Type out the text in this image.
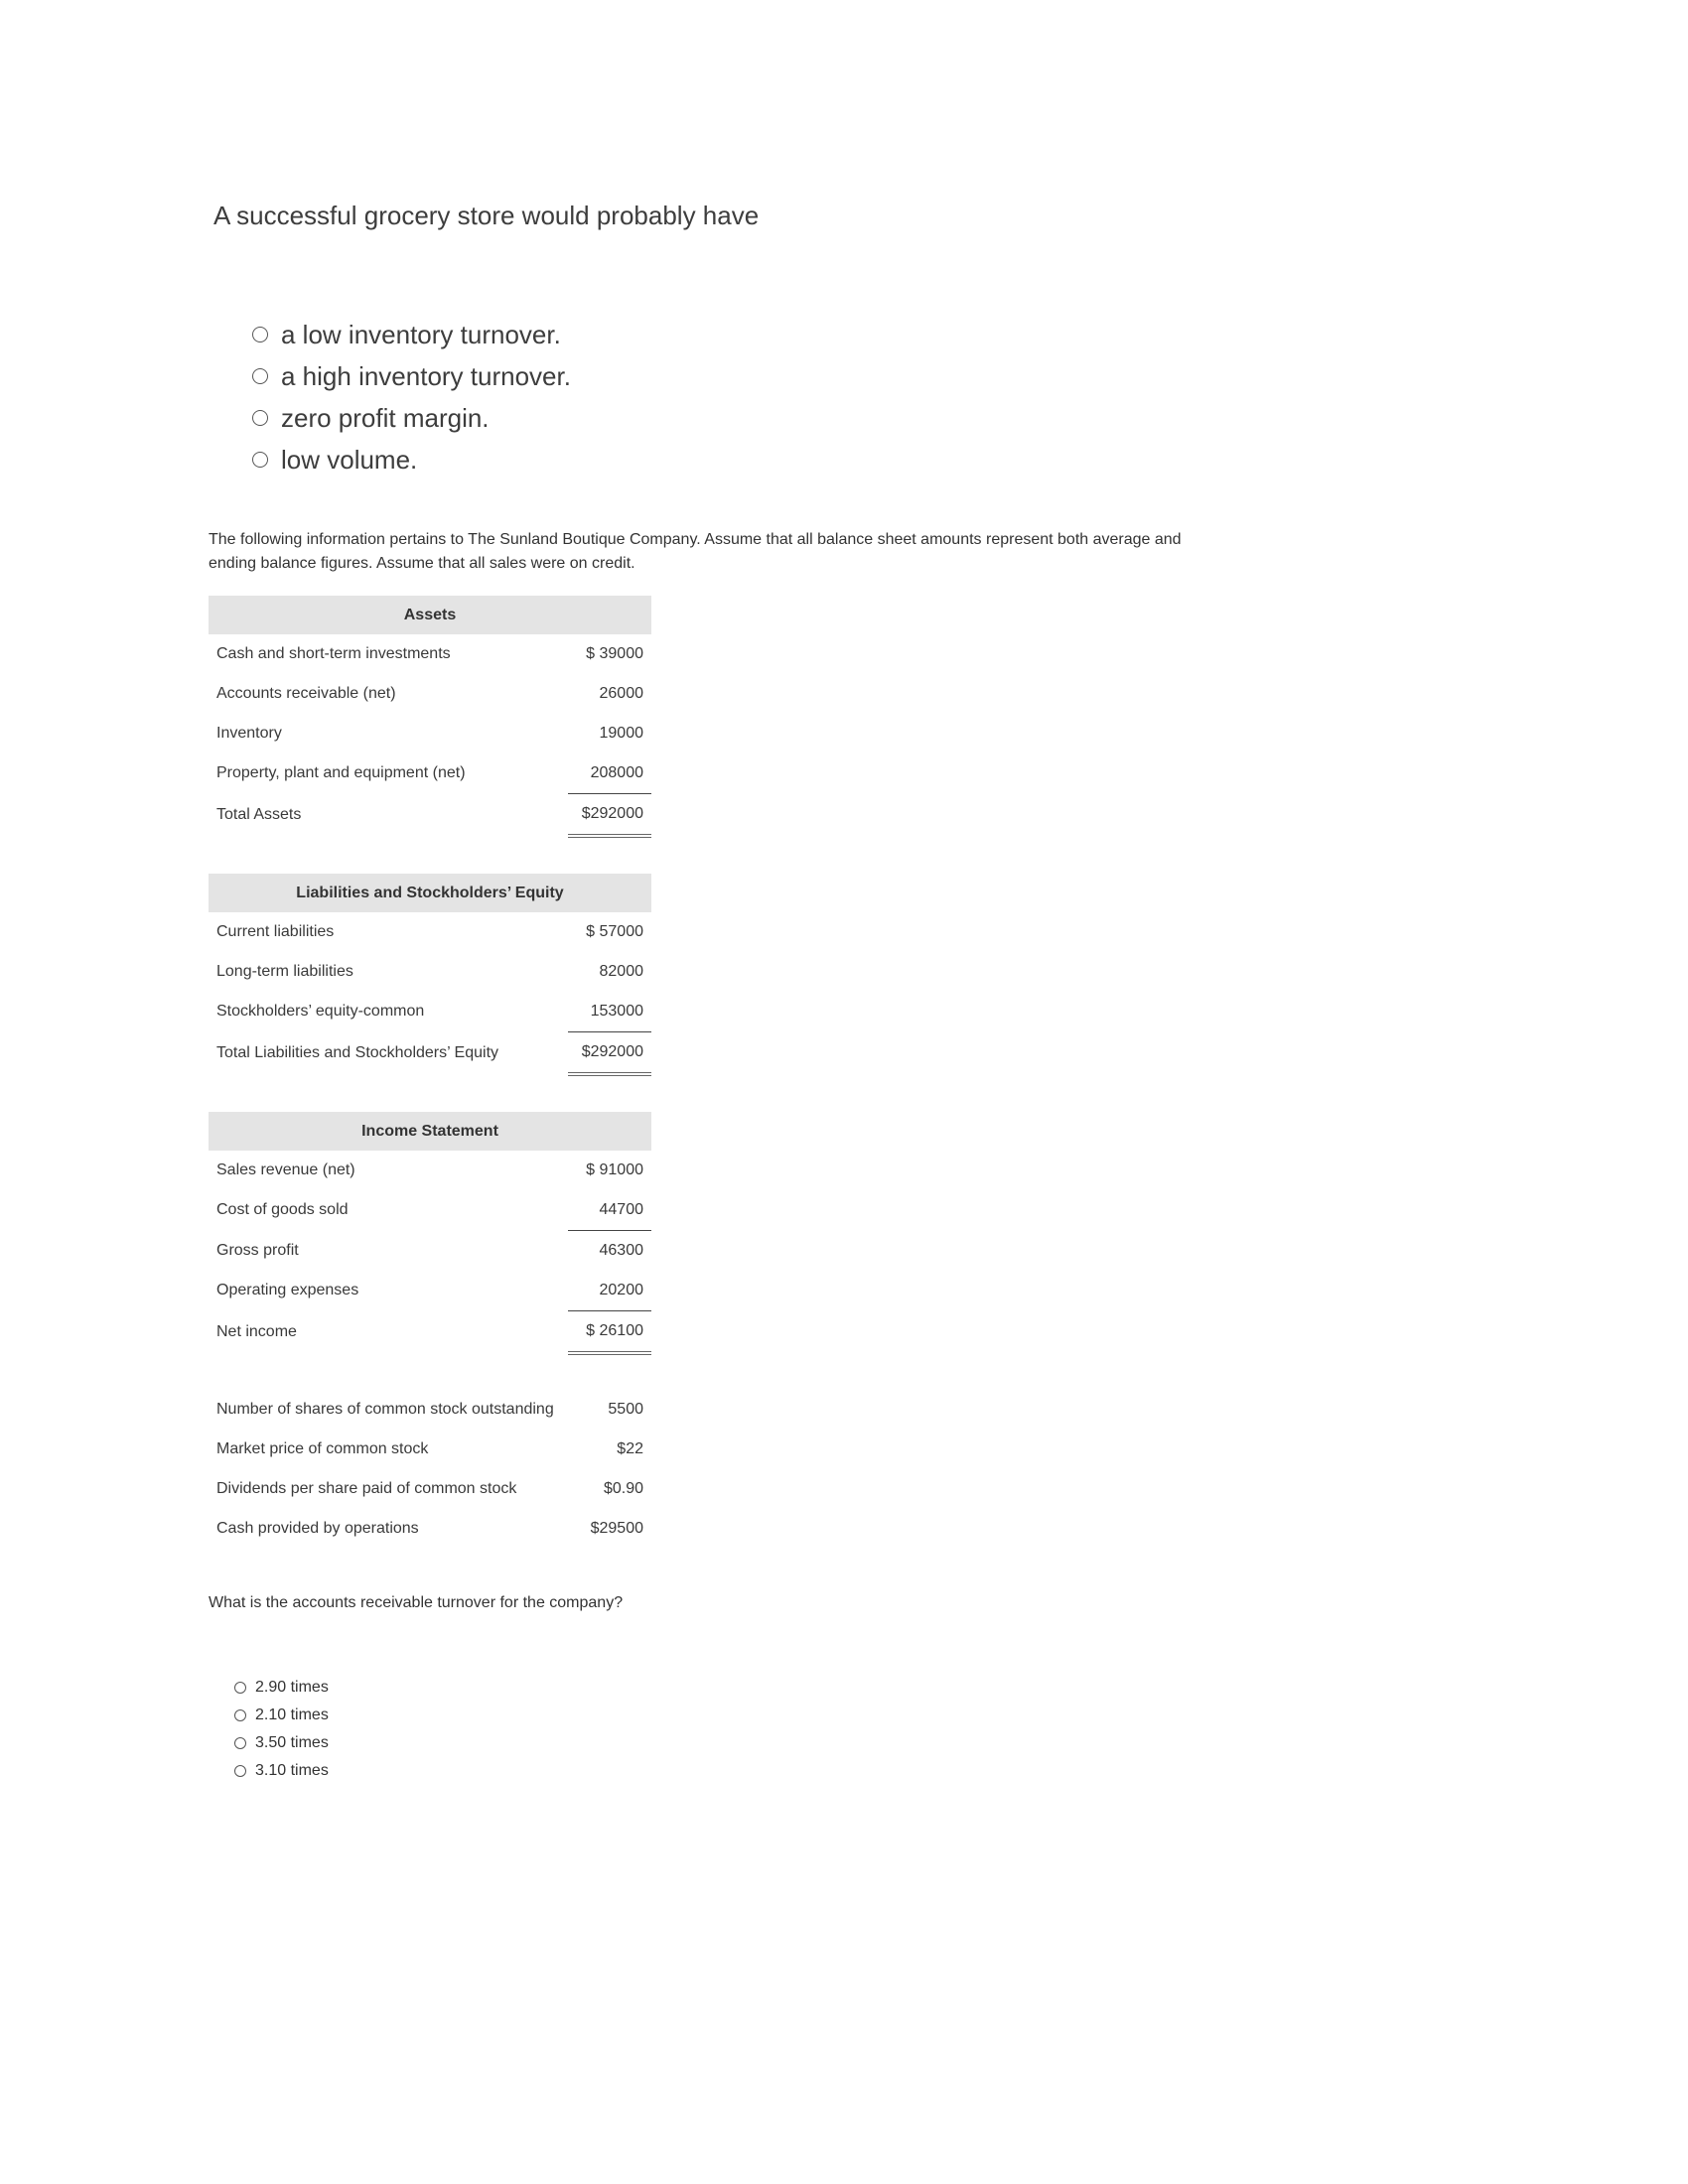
A successful grocery store would probably have
a low inventory turnover.
a high inventory turnover.
zero profit margin.
low volume.
The following information pertains to The Sunland Boutique Company. Assume that all balance sheet amounts represent both average and ending balance figures. Assume that all sales were on credit.
Assets	
Cash and short-term investments	$ 39000
Accounts receivable (net)	26000
Inventory	19000
Property, plant and equipment (net)	208000
Total Assets	$292000
Liabilities and Stockholders’ Equity	
Current liabilities	$ 57000
Long-term liabilities	82000
Stockholders’ equity-common	153000
Total Liabilities and Stockholders’ Equity	$292000
Income Statement	
Sales revenue (net)	$ 91000
Cost of goods sold	44700
Gross profit	46300
Operating expenses	20200
Net income	$ 26100
Number of shares of common stock outstanding	5500
Market price of common stock	$22
Dividends per share paid of common stock	$0.90
Cash provided by operations	$29500
What is the accounts receivable turnover for the company?
2.90 times
2.10 times
3.50 times
3.10 times
